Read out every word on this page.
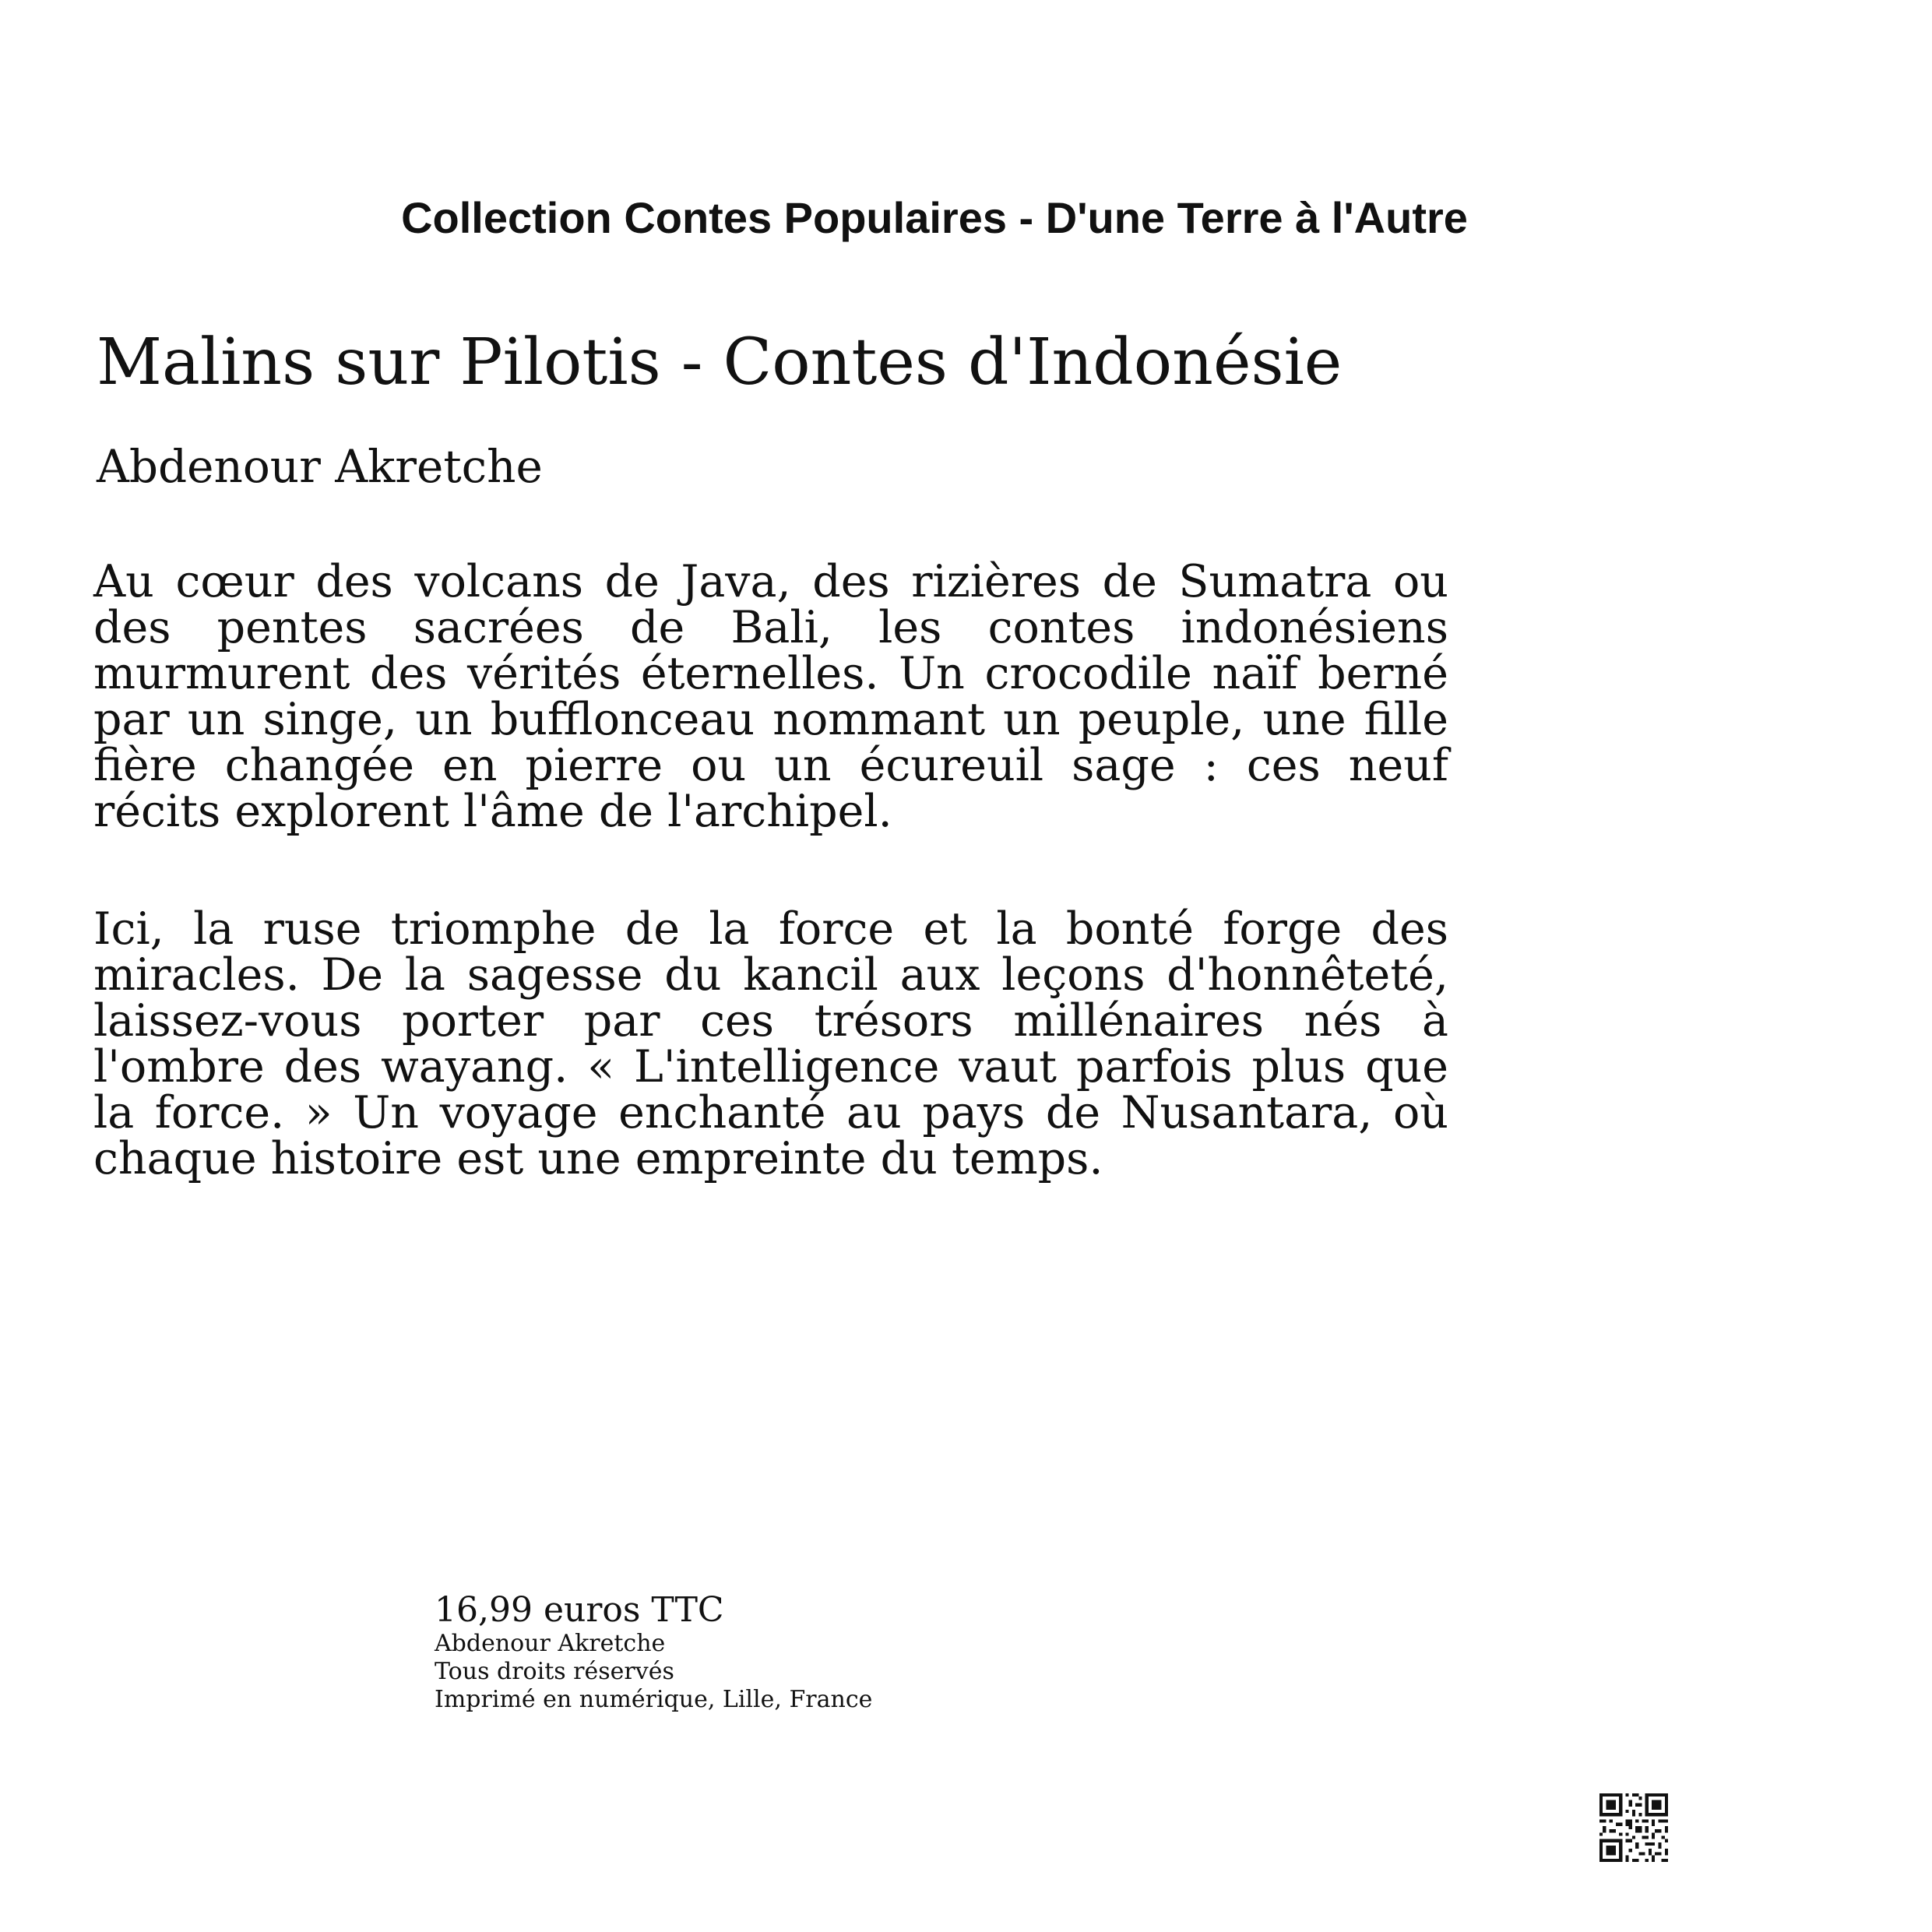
Collection Contes Populaires - D'une Terre à l'Autre
Malins sur Pilotis - Contes d'Indonésie
Abdenour Akretche

Au cœur des volcans de Java, des rizières de Sumatra ou des pentes sacrées de Bali, les contes indonésiens murmurent des vérités éternelles. Un crocodile naïf berné par un singe, un bufflonceau nommant un peuple, une fille fière changée en pierre ou un écureuil sage : ces neuf récits explorent l'âme de l'archipel.

Ici, la ruse triomphe de la force et la bonté forge des miracles. De la sagesse du kancil aux leçons d'honnêteté, laissez-vous porter par ces trésors millénaires nés à l'ombre des wayang. « L'intelligence vaut parfois plus que la force. » Un voyage enchanté au pays de Nusantara, où chaque histoire est une empreinte du temps.

16,99 euros TTC
Abdenour Akretche
Tous droits réservés
Imprimé en numérique, Lille, France
